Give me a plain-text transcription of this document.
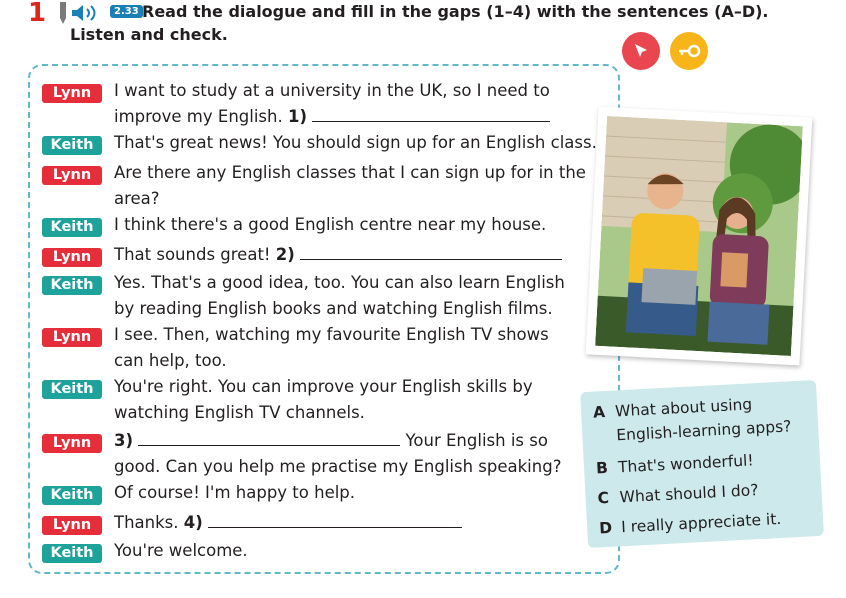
1	2.33 Read the dialogue and fill in the gaps (1–4) with the sentences (A–D).
Listen and check.
Lynn	I want to study at a university in the UK, so I need to
improve my English. 1)
Keith	That's great news! You should sign up for an English class.
Lynn	Are there any English classes that I can sign up for in the
area?
Keith	I think there's a good English centre near my house.
Lynn	That sounds great! 2)
Keith	Yes. That's a good idea, too. You can also learn English
by reading English books and watching English films.
Lynn	I see. Then, watching my favourite English TV shows
can help, too.
Keith	You're right. You can improve your English skills by
watching English TV channels.
Lynn	3)	Your English is so
good. Can you help me practise my English speaking?
Keith	Of course! I'm happy to help.
Lynn	Thanks. 4)
Keith	You're welcome.
A What about using
English-learning apps?
B That's wonderful!
C What should I do?
D I really appreciate it.
